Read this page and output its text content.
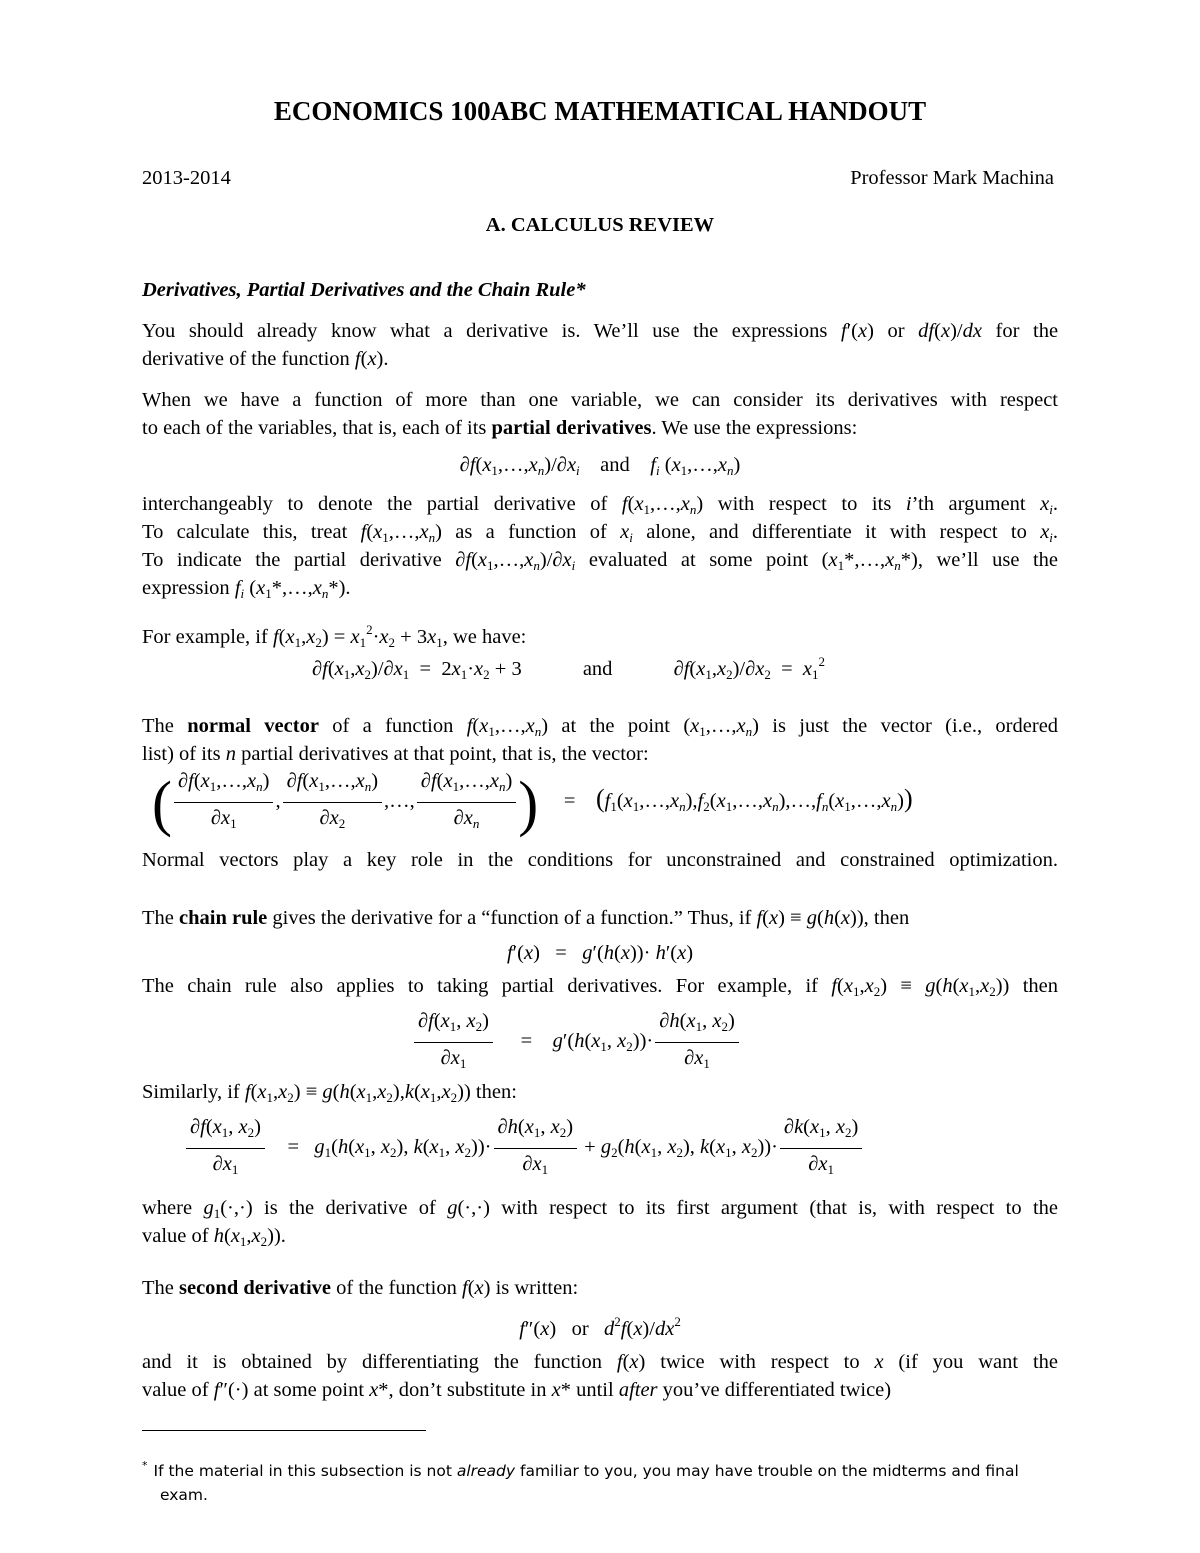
ECONOMICS 100ABC MATHEMATICAL HANDOUT
2013-2014	Professor Mark Machina
A. CALCULUS REVIEW
Derivatives, Partial Derivatives and the Chain Rule*
You should already know what a derivative is. We’ll use the expressions f′(x) or df(x)/dx for the
derivative of the function f(x).
When we have a function of more than one variable, we can consider its derivatives with respect
to each of the variables, that is, each of its partial derivatives. We use the expressions:
$\partial f(x1,\dots,x_n)/\partial x_i$ and $f_i$ $(x1,\dots,x_n)$
interchangeably to denote the partial derivative of $f(x1,\dots,x_n)$ with respect to its i’th argument $x_i$.
To calculate this, treat $f(x1,\dots,x_n)$ as a function of $x_i$ alone, and differentiate it with respect to $x_i$.
To indicate the partial derivative $\partial f(x1,\dots,x_n)/\partial x_i$ evaluated at some point $(x1*,\dots,x_n*)$, we’ll use the
expression $f_i$ $(x1*,\dots,x_n*)$.
For example, if $f(x1,x2) = x1^2\cdot x2 + 3x1$, we have:
∂f(x1,x2)/∂x1  =  2x1·x2 + 3	and	$\partial f(x1,x2)/\partial x2 = x1^2$
The normal vector of a function $f(x1,\dots,x_n)$ at the point $(x1,\dots,x_n)$ is just the vector (i.e., ordered
list) of its n partial derivatives at that point, that is, the vector:
( $\frac{\partial f(x1,\dots,x_n)}{\partial x1}$ , $\frac{\partial f(x1,\dots,x_n)}{\partial x2}$ ,…, $\frac{\partial f(x1,\dots,x_n)}{\partial x_n}$ )     =    $(f1(x1,\dots,x_n),f2(x1,\dots,x_n),\dots,f_n(x1,\dots,x_n))$
Normal vectors play a key role in the conditions for unconstrained and constrained optimization.
The chain rule gives the derivative for a “function of a function.” Thus, if f(x) ≡ g(h(x)), then
f′(x)   =   g′(h(x))· h′(x)
The chain rule also applies to taking partial derivatives. For example, if f(x1,x2) ≡ g(h(x1,x2)) then
$\frac{\partial f(x1, x2)}{\partial x1}$ =    g′(h(x1, $x2))\cdot \frac{\partial h(x1, x2)}{\partial x1}$
Similarly, if f(x1,x2) ≡ g(h(x1,x2),k(x1,x2)) then:
$\frac{\partial f(x1, x2)}{\partial x1} = g1(h(x1$, x2), k(x1, $x2))\cdot \frac{\partial h(x1, x2)}{\partial x1} + g2(h(x1$, x2), k(x1, $x2))\cdot \frac{\partial k(x1, x2)}{\partial x1}$
where g1(·,·) is the derivative of g(·,·) with respect to its first argument (that is, with respect to the
value of h(x1,x2)).
The second derivative of the function f(x) is written:
f″(x)   or $d^2f(x)/dx^2$
and it is obtained by differentiating the function f(x) twice with respect to x (if you want the
value of f″(·) at some point x*, don’t substitute in x* until after you’ve differentiated twice)
* If the material in this subsection is not already familiar to you, you may have trouble on the midterms and final
exam.
